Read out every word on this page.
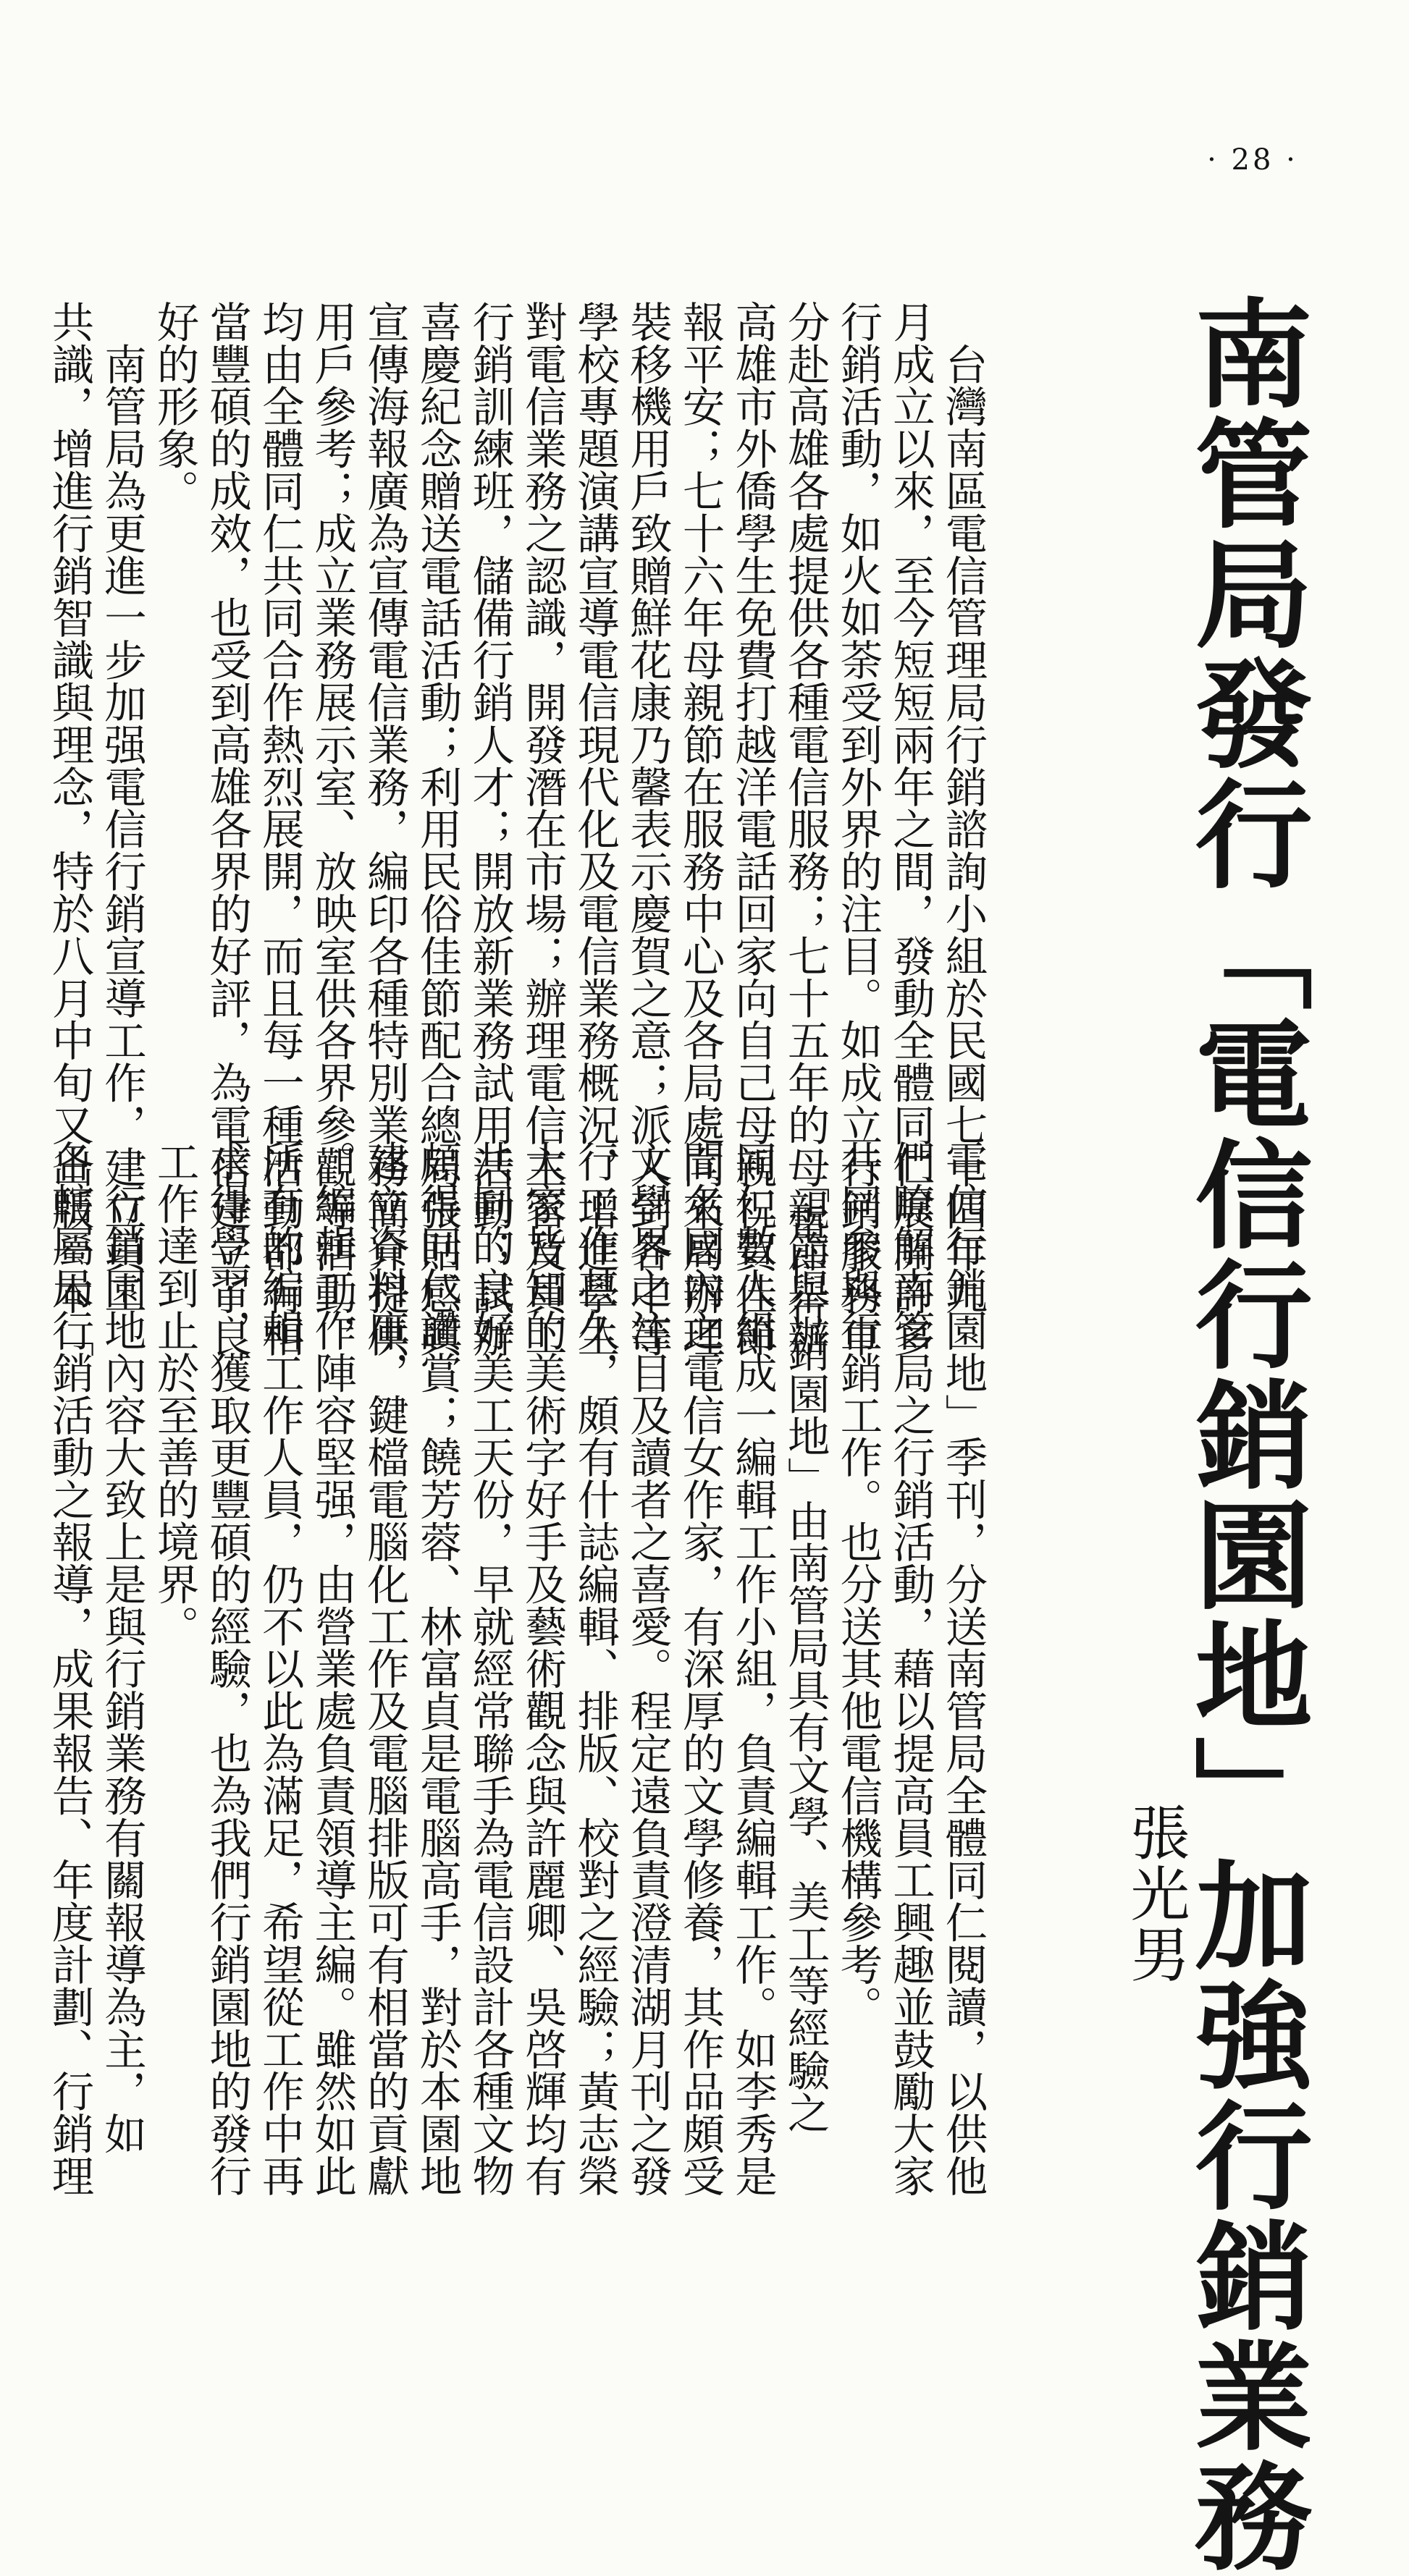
· 28 ·
南管局發行「電信行銷園地」加強行銷業務
張光男
　台灣南區電信管理局行銷諮詢小組於民國七十四年九
月成立以來，至今短短兩年之間，發動全體同仁展開許多
行銷活動，如火如荼受到外界的注目。如成立行銷服務車
分赴高雄各處提供各種電信服務；七十五年的母親節舉辦
高雄市外僑學生免費打越洋電話回家向自己母親祝賀佳節
報平安；七十六年母親節在服務中心及各局處向來局辦理
裝移機用戶致贈鮮花康乃馨表示慶賀之意；派人到各中等
學校專題演講宣導電信現代化及電信業務概況，增進學生
對電信業務之認識，開發潛在市場；辦理電信主管及員工
行銷訓練班，儲備行銷人才；開放新業務試用活動；試辦
喜慶紀念贈送電話活動；利用民俗佳節配合總局張貼感興
宣傳海報廣為宣傳電信業務，編印各種特別業務簡介提供
用戶參考；成立業務展示室、放映室供各界參觀等活動，
均由全體同仁共同合作熱烈展開，而且每一種活動都有相
當豐碩的成效，也受到高雄各界的好評，為電信建立了良
好的形象。
　南管局為更進一步加强電信行銷宣導工作，建立員工
共識，增進行銷智識與理念，特於八月中旬又出版一本「
電信行銷園地」季刊，分送南管局全體同仁閱讀，以供他
們瞭解南管局之行銷活動，藉以提高員工興趣並鼓勵大家
共同參與行銷工作。也分送其他電信機構參考。
　「電信行銷園地」由南管局具有文學、美工等經驗之
同仁數人組成一編輯工作小組，負責編輯工作。如李秀是
聞名國內之電信女作家，有深厚的文學修養，其作品頗受
文學界之注目及讀者之喜愛。程定遠負責澄清湖月刊之發
行工作甚久，頗有什誌編輯、排版、校對之經驗；黃志榮
大家皆知的美術字好手及藝術觀念與許麗卿、吳啓輝均有
共同的良好美工天份，早就經常聯手為電信設計各種文物
頗得同仁讚賞；饒芳蓉、林富貞是電腦高手，對於本園地
建立資料庫，鍵檔電腦化工作及電腦排版可有相當的貢獻
。編輯工作陣容堅强，由營業處負責領導主編。雖然如此
所有的編輯工作人員，仍不以此為滿足，希望從工作中再
求得學習，獲取更豐碩的經驗，也為我們行銷園地的發行
工作達到止於至善的境界。
　行銷園地內容大致上是與行銷業務有關報導為主，如
各轄屬局行銷活動之報導，成果報告、年度計劃、行銷理
